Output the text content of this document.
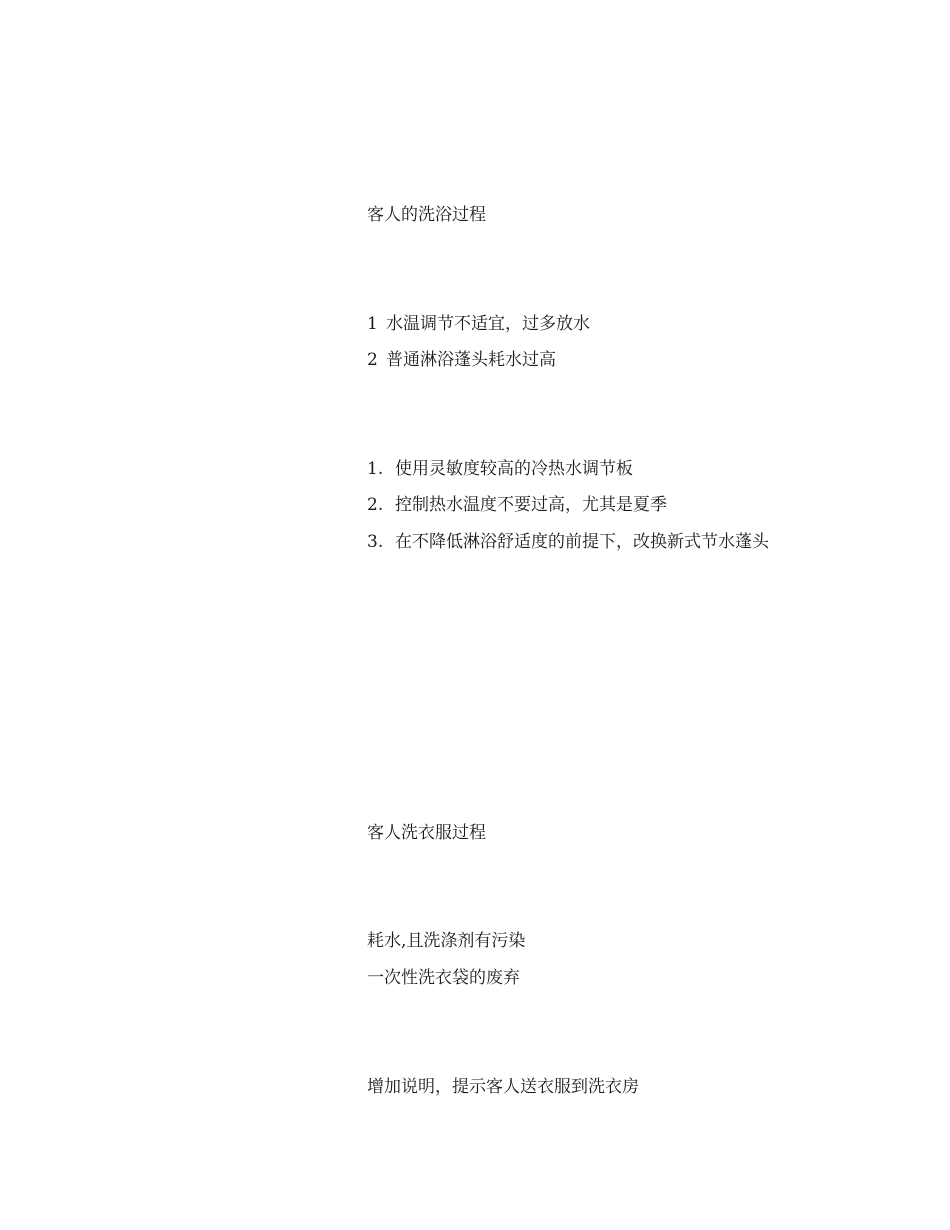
客人的洗浴过程
1 水温调节不适宜，过多放水
2 普通淋浴蓬头耗水过高
1. 使用灵敏度较高的冷热水调节板
2. 控制热水温度不要过高，尤其是夏季
3. 在不降低淋浴舒适度的前提下，改换新式节水蓬头
客人洗衣服过程
耗水,且洗涤剂有污染
一次性洗衣袋的废弃
增加说明，提示客人送衣服到洗衣房
